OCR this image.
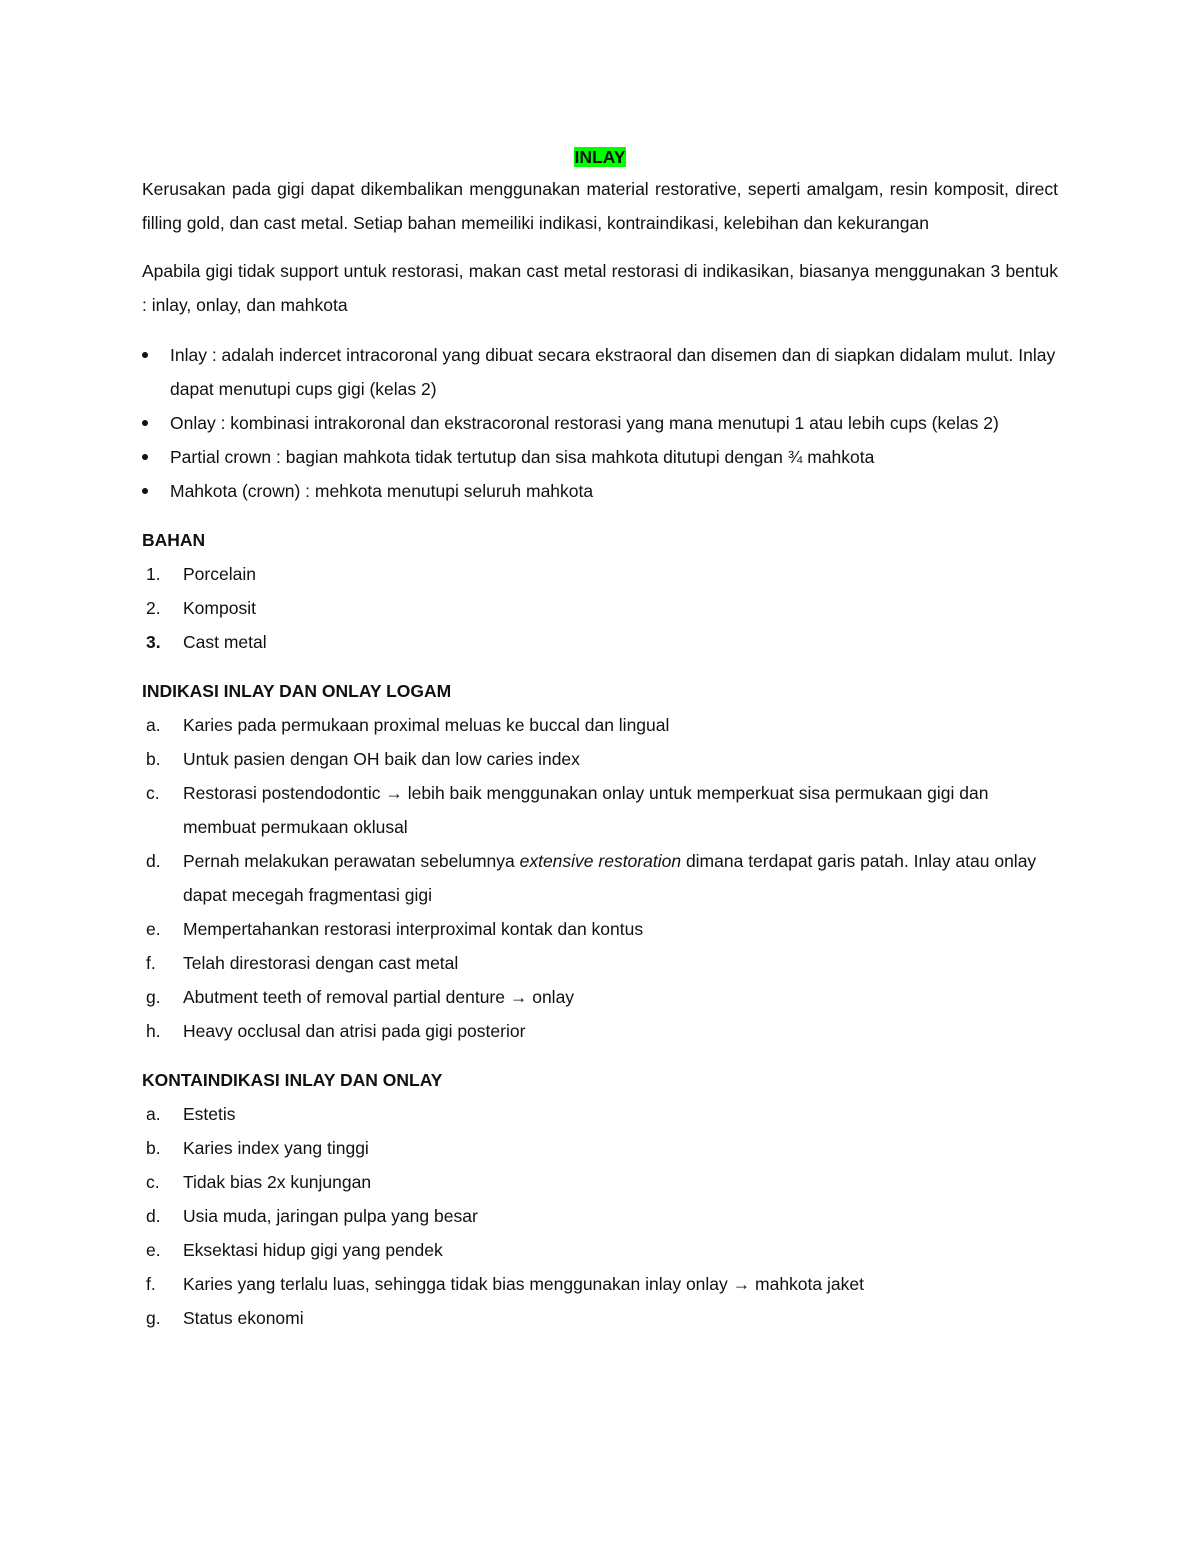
INLAY

Kerusakan pada gigi dapat dikembalikan menggunakan material restorative, seperti amalgam, resin komposit, direct filling gold, dan cast metal. Setiap bahan memeiliki indikasi, kontraindikasi, kelebihan dan kekurangan

Apabila gigi tidak support untuk restorasi, makan cast metal restorasi di indikasikan, biasanya menggunakan 3 bentuk : inlay, onlay, dan mahkota

Inlay : adalah indercet intracoronal yang dibuat secara ekstraoral dan disemen dan di siapkan didalam mulut. Inlay dapat menutupi cups gigi (kelas 2)
Onlay : kombinasi intrakoronal dan ekstracoronal restorasi yang mana menutupi 1 atau lebih cups (kelas 2)
Partial crown : bagian mahkota tidak tertutup dan sisa mahkota ditutupi dengan ¾ mahkota
Mahkota (crown) : mehkota menutupi seluruh mahkota
BAHAN
1. Porcelain
2. Komposit
3. Cast metal
INDIKASI INLAY DAN ONLAY LOGAM
a. Karies pada permukaan proximal meluas ke buccal dan lingual
b. Untuk pasien dengan OH baik dan low caries index
c. Restorasi postendodontic → lebih baik menggunakan onlay untuk memperkuat sisa permukaan gigi dan membuat permukaan oklusal
d. Pernah melakukan perawatan sebelumnya extensive restoration dimana terdapat garis patah. Inlay atau onlay dapat mecegah fragmentasi gigi
e. Mempertahankan restorasi interproximal kontak dan kontus
f. Telah direstorasi dengan cast metal
g. Abutment teeth of removal partial denture → onlay
h. Heavy occlusal dan atrisi pada gigi posterior
KONTAINDIKASI INLAY DAN ONLAY
a. Estetis
b. Karies index yang tinggi
c. Tidak bias 2x kunjungan
d. Usia muda, jaringan pulpa yang besar
e. Eksektasi hidup gigi yang pendek
f. Karies yang terlalu luas, sehingga tidak bias menggunakan inlay onlay → mahkota jaket
g. Status ekonomi
